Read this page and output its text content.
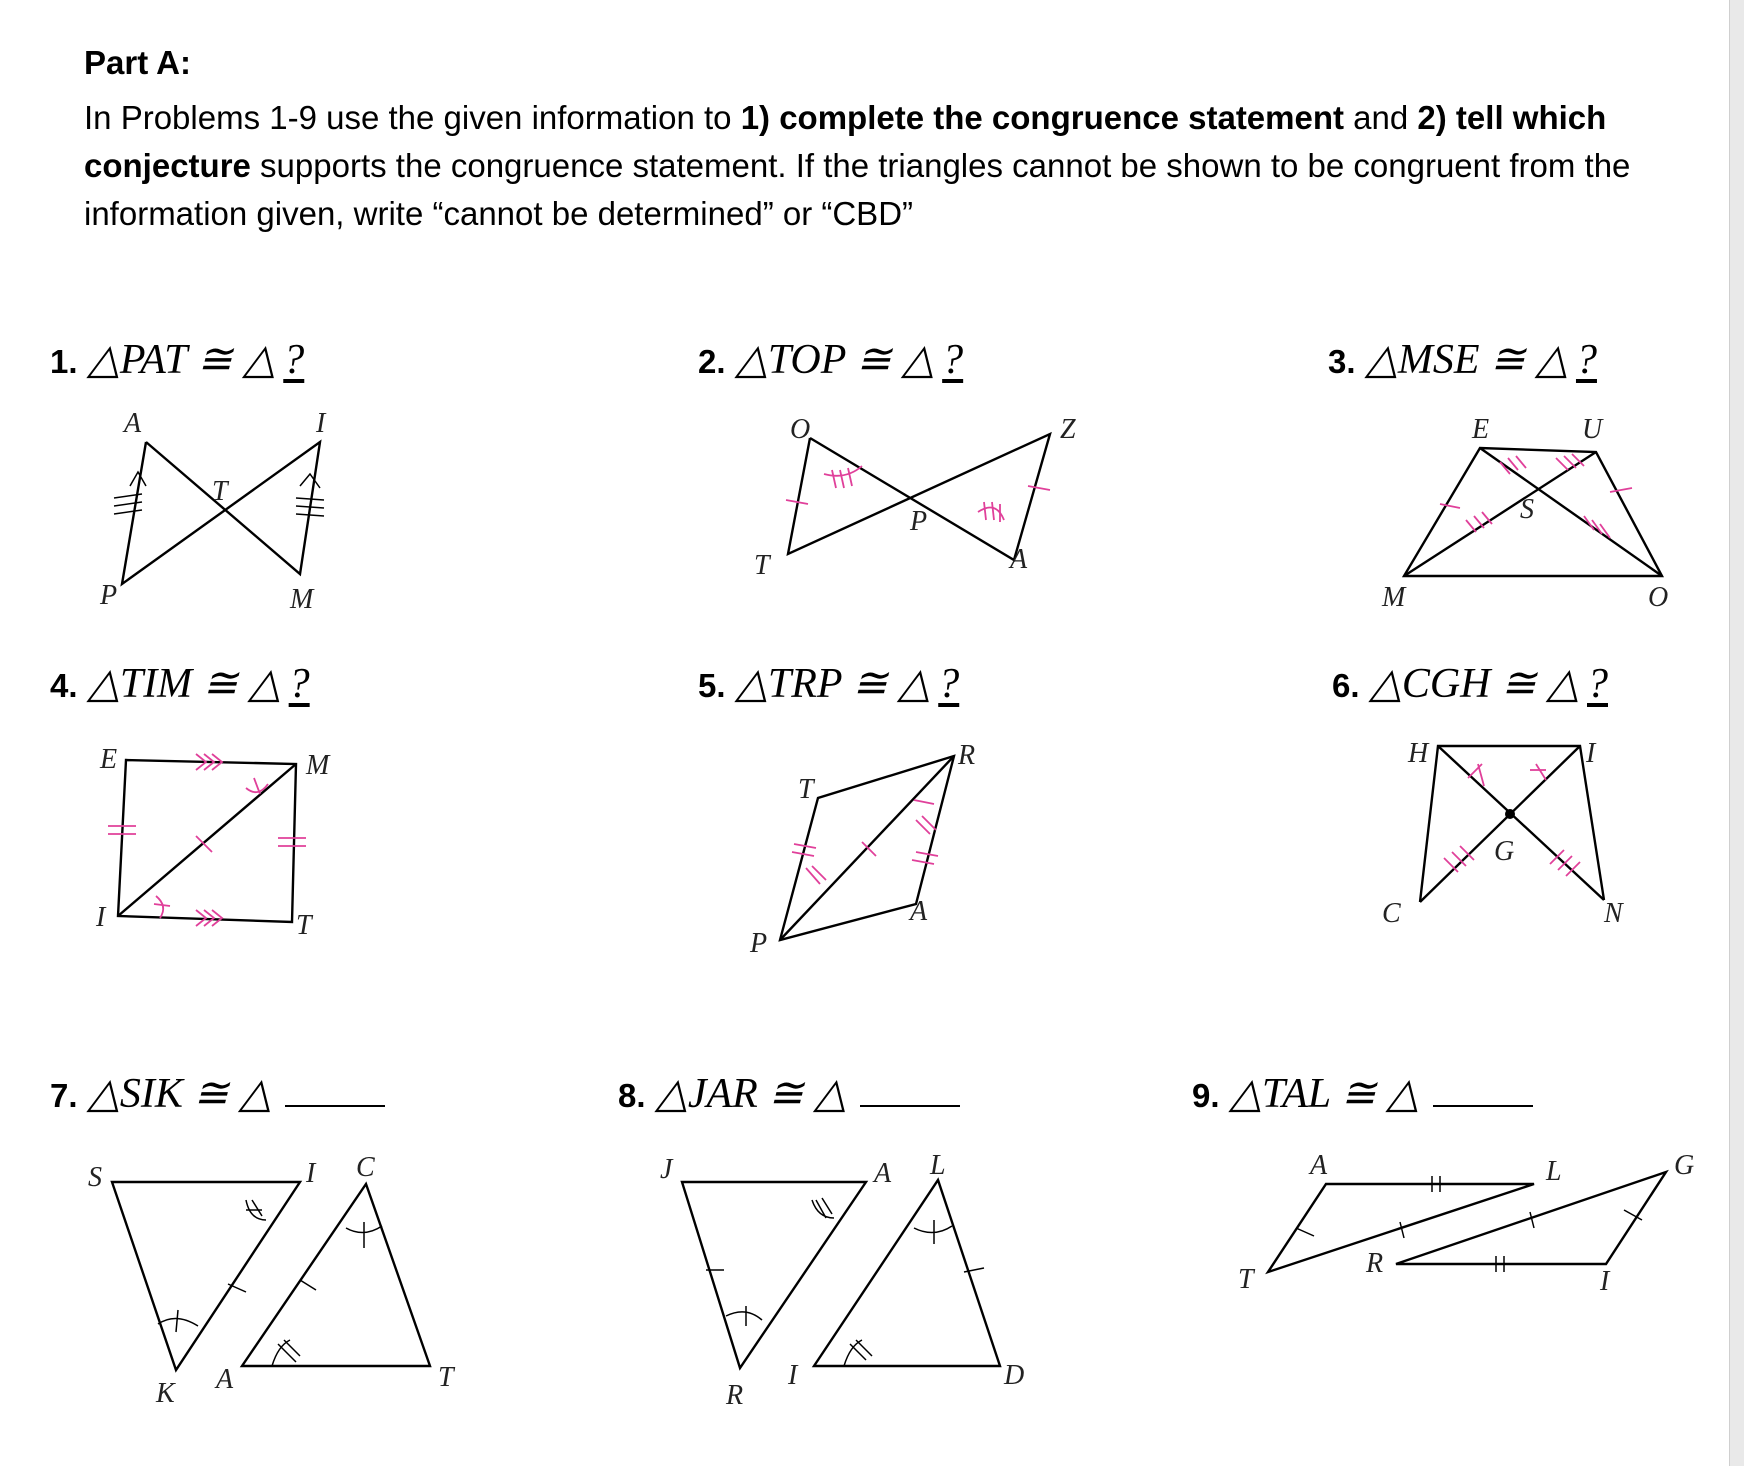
Part A:
In Problems 1-9 use the given information to 1) complete the congruence statement and 2) tell which conjecture supports the congruence statement. If the triangles cannot be shown to be congruent from the information given, write “cannot be determined” or “CBD”
1. △PAT ≅ △ ?	2. △TOP ≅ △ ?	3. △MSE ≅ △ ?
4. △TIM ≅ △ ?	5. △TRP ≅ △ ?	6. △CGH ≅ △ ?
7. △SIK ≅ △	8. △JAR ≅ △	9. △TAL ≅ △
A	I
T
P	M
O	Z
P
T	A
E	U
S
M	O
E	M
I	T
R
T
A
P
H	I
G
C	N
S	I C
K A	T
J	A L
R
I	D
A	L	G
T
R
I
